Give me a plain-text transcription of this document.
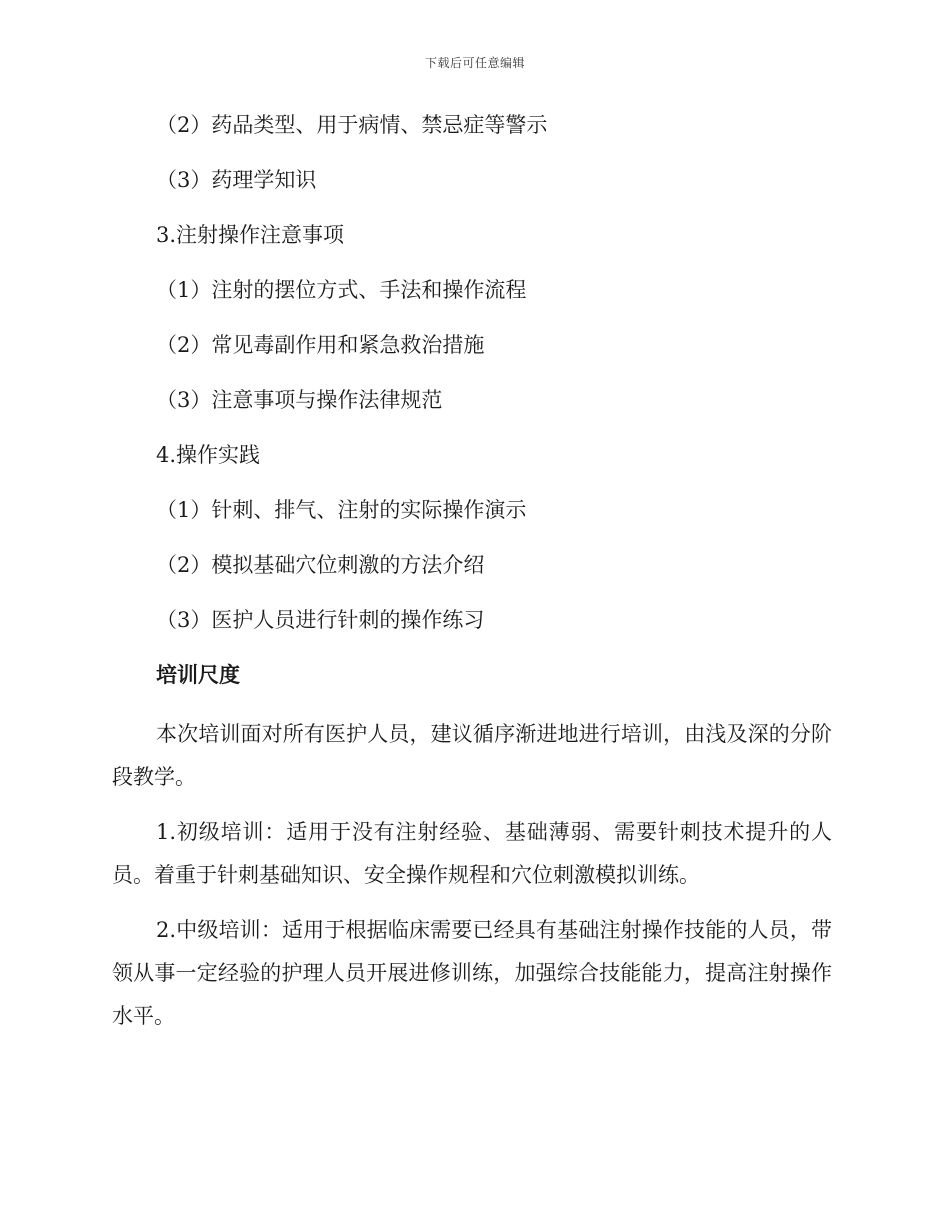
下载后可任意编辑
（2）药品类型、用于病情、禁忌症等警示
（3）药理学知识
3.注射操作注意事项
（1）注射的摆位方式、手法和操作流程
（2）常见毒副作用和紧急救治措施
（3）注意事项与操作法律规范
4.操作实践
（1）针刺、排气、注射的实际操作演示
（2）模拟基础穴位刺激的方法介绍
（3）医护人员进行针刺的操作练习
培训尺度
本次培训面对所有医护人员，建议循序渐进地进行培训，由浅及深的分阶段教学。
1.初级培训：适用于没有注射经验、基础薄弱、需要针刺技术提升的人员。着重于针刺基础知识、安全操作规程和穴位刺激模拟训练。
2.中级培训：适用于根据临床需要已经具有基础注射操作技能的人员，带领从事一定经验的护理人员开展进修训练，加强综合技能能力，提高注射操作水平。
